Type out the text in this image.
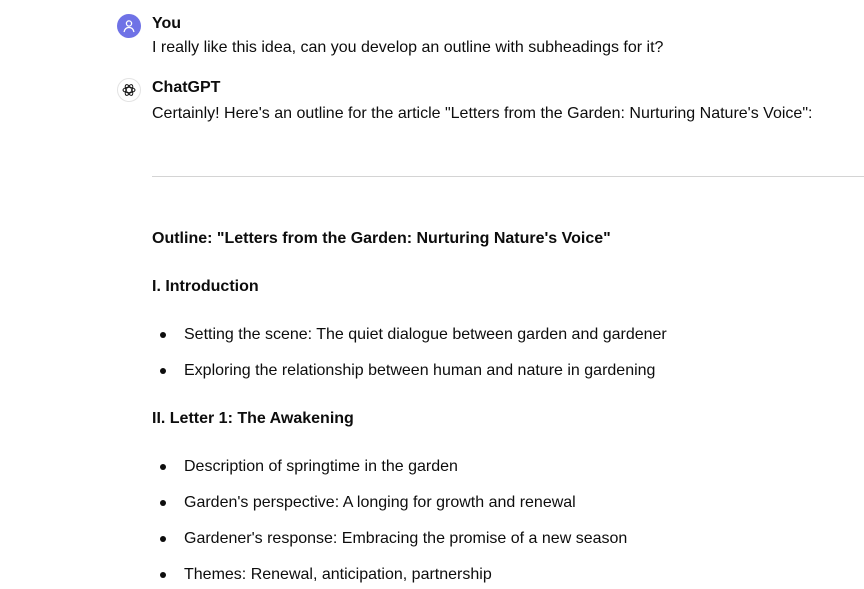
You
I really like this idea, can you develop an outline with subheadings for it?
ChatGPT
Certainly! Here's an outline for the article "Letters from the Garden: Nurturing Nature's Voice":
Outline: "Letters from the Garden: Nurturing Nature's Voice"
I. Introduction
Setting the scene: The quiet dialogue between garden and gardener
Exploring the relationship between human and nature in gardening
II. Letter 1: The Awakening
Description of springtime in the garden
Garden's perspective: A longing for growth and renewal
Gardener's response: Embracing the promise of a new season
Themes: Renewal, anticipation, partnership
